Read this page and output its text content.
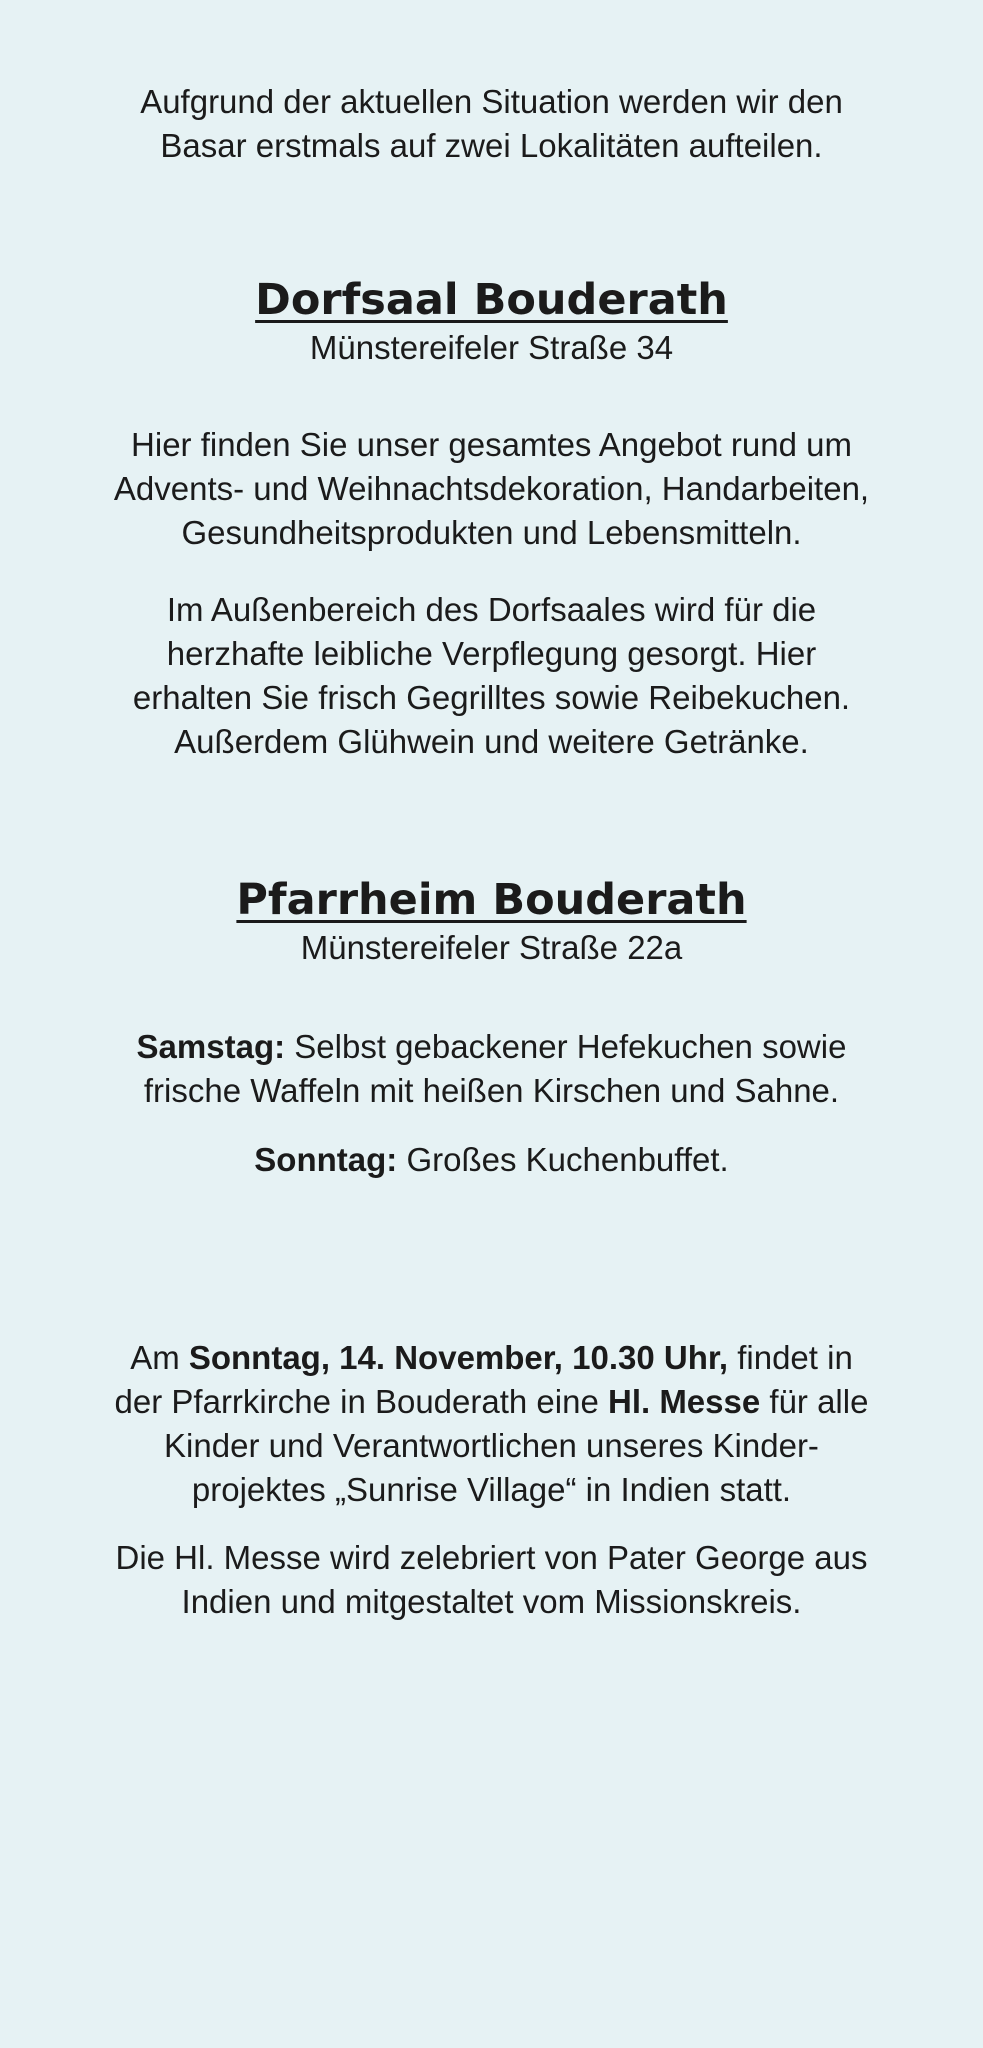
Aufgrund der aktuellen Situation werden wir den

Basar erstmals auf zwei Lokalitäten aufteilen.

Dorfsaal Bouderath

Münstereifeler Straße 34

Hier finden Sie unser gesamtes Angebot rund um

Advents- und Weihnachtsdekoration, Handarbeiten,

Gesundheitsprodukten und Lebensmitteln.

Im Außenbereich des Dorfsaales wird für die

herzhafte leibliche Verpflegung gesorgt. Hier

erhalten Sie frisch Gegrilltes sowie Reibekuchen.

Außerdem Glühwein und weitere Getränke.

Pfarrheim Bouderath

Münstereifeler Straße 22a

Samstag: Selbst gebackener Hefekuchen sowie

frische Waffeln mit heißen Kirschen und Sahne.

Sonntag: Großes Kuchenbuffet.

Am Sonntag, 14. November, 10.30 Uhr, findet in

der Pfarrkirche in Bouderath eine Hl. Messe für alle

Kinder und Verantwortlichen unseres Kinder-

projektes „Sunrise Village“ in Indien statt.

Die Hl. Messe wird zelebriert von Pater George aus

Indien und mitgestaltet vom Missionskreis.
